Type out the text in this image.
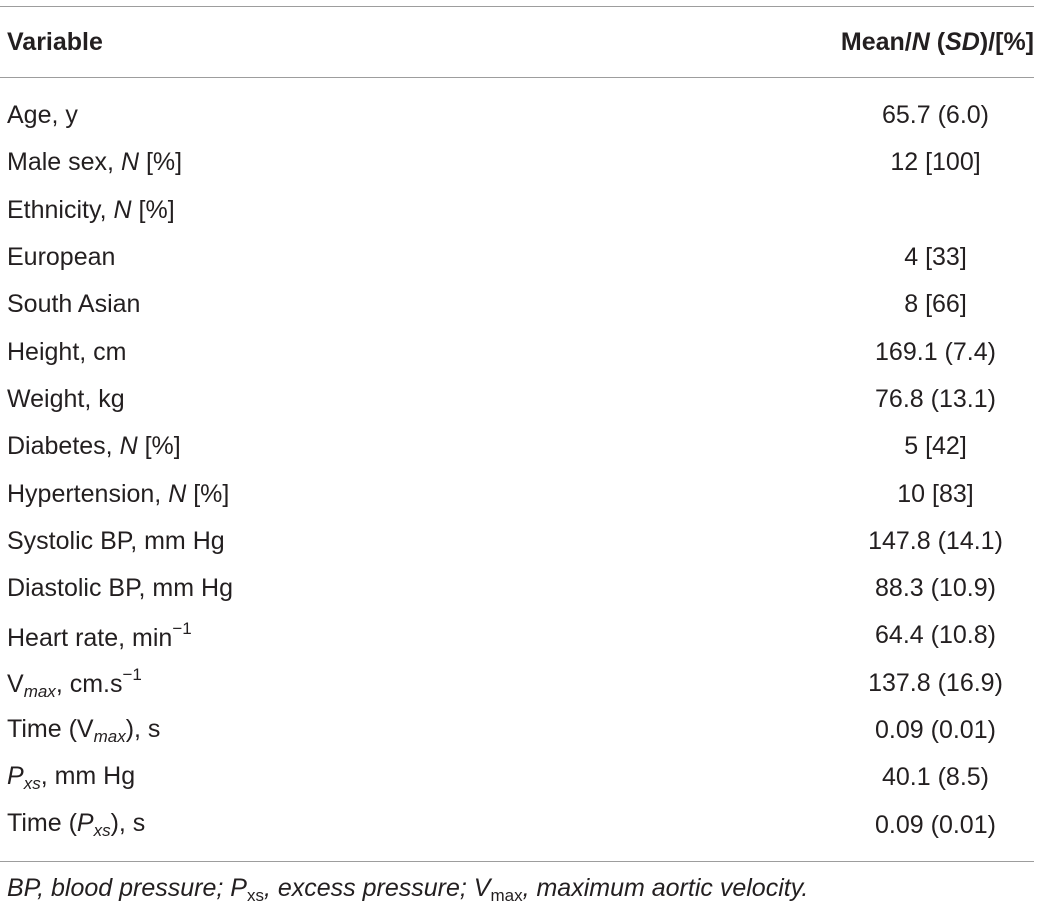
Variable	Mean/N (SD)/[%]
Age, y	65.7 (6.0)
Male sex, N [%]	12 [100]
Ethnicity, N [%]
European	4 [33]
South Asian	8 [66]
Height, cm	169.1 (7.4)
Weight, kg	76.8 (13.1)
Diabetes, N [%]	5 [42]
Hypertension, N [%]	10 [83]
Systolic BP, mm Hg	147.8 (14.1)
Diastolic BP, mm Hg	88.3 (10.9)
Heart rate, $\min^{-1}$	64.4 (10.8)
$V_{max}$, $cm.s^{-1}$	137.8 (16.9)
Time $(V_{max})$, s	0.09 (0.01)
$P_{xs}$, mm Hg	40.1 (8.5)
Time $(P_{xs})$, s	0.09 (0.01)
BP, blood pressure; $P_{xs}$, excess pressure; $V_{max}$, maximum aortic velocity.
